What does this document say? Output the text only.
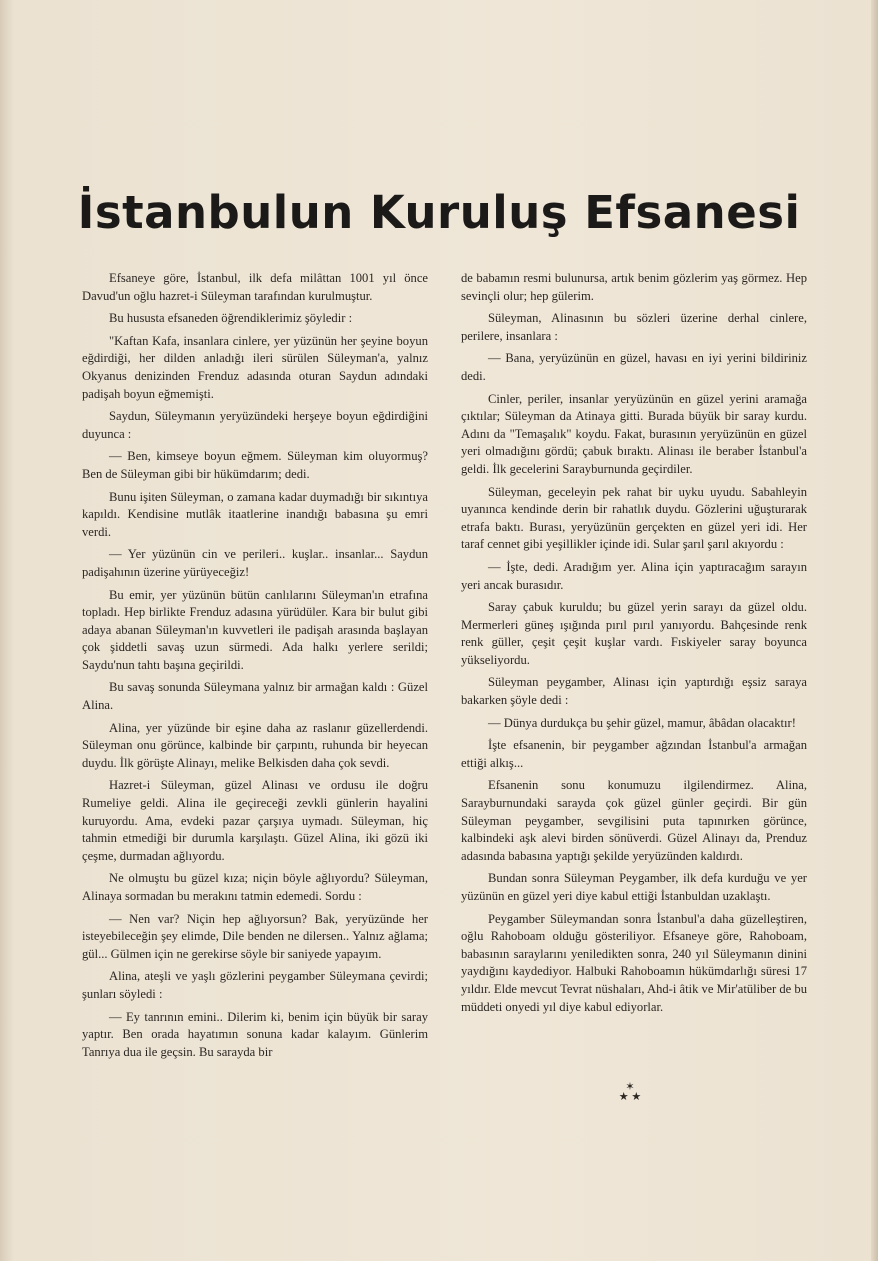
İstanbulun Kuruluş Efsanesi

Efsaneye göre, İstanbul, ilk defa milâttan 1001 yıl önce Davud'un oğlu hazret-i Süleyman tarafından kurulmuştur.

Bu hususta efsaneden öğrendiklerimiz şöyledir :

"Kaftan Kafa, insanlara cinlere, yer yüzünün her şeyine boyun eğdirdiği, her dilden anladığı ileri sürülen Süleyman'a, yalnız Okyanus denizinden Frenduz adasında oturan Saydun adındaki padişah boyun eğmemişti.

Saydun, Süleymanın yeryüzündeki herşeye boyun eğdirdiğini duyunca :

— Ben, kimseye boyun eğmem. Süleyman kim oluyormuş? Ben de Süleyman gibi bir hükümdarım; dedi.

Bunu işiten Süleyman, o zamana kadar duymadığı bir sıkıntıya kapıldı. Kendisine mutlâk itaatlerine inandığı babasına şu emri verdi.

— Yer yüzünün cin ve perileri.. kuşlar.. insanlar... Saydun padişahının üzerine yürüyeceğiz!

Bu emir, yer yüzünün bütün canlılarını Süleyman'ın etrafına topladı. Hep birlikte Frenduz adasına yürüdüler. Kara bir bulut gibi adaya abanan Süleyman'ın kuvvetleri ile padişah arasında başlayan çok şiddetli savaş uzun sürmedi. Ada halkı yerlere serildi; Saydu'nun tahtı başına geçirildi.

Bu savaş sonunda Süleymana yalnız bir armağan kaldı : Güzel Alina.

Alina, yer yüzünde bir eşine daha az raslanır güzellerdendi. Süleyman onu görünce, kalbinde bir çarpıntı, ruhunda bir heyecan duydu. İlk görüşte Alinayı, melike Belkisden daha çok sevdi.

Hazret-i Süleyman, güzel Alinası ve ordusu ile doğru Rumeliye geldi. Alina ile geçireceği zevkli günlerin hayalini kuruyordu. Ama, evdeki pazar çarşıya uymadı. Süleyman, hiç tahmin etmediği bir durumla karşılaştı. Güzel Alina, iki gözü iki çeşme, durmadan ağlıyordu.

Ne olmuştu bu güzel kıza; niçin böyle ağlıyordu? Süleyman, Alinaya sormadan bu merakını tatmin edemedi. Sordu :

— Nen var? Niçin hep ağlıyorsun? Bak, yeryüzünde her isteyebileceğin şey elimde, Dile benden ne dilersen.. Yalnız ağlama; gül... Gülmen için ne gerekirse söyle bir saniyede yapayım.

Alina, ateşli ve yaşlı gözlerini peygamber Süleymana çevirdi; şunları söyledi :

— Ey tanrının emini.. Dilerim ki, benim için büyük bir saray yaptır. Ben orada hayatımın sonuna kadar kalayım. Günlerim Tanrıya dua ile geçsin. Bu sarayda bir

de babamın resmi bulunursa, artık benim gözlerim yaş görmez. Hep sevinçli olur; hep gülerim.

Süleyman, Alinasının bu sözleri üzerine derhal cinlere, perilere, insanlara :

— Bana, yeryüzünün en güzel, havası en iyi yerini bildiriniz dedi.

Cinler, periler, insanlar yeryüzünün en güzel yerini aramağa çıktılar; Süleyman da Atinaya gitti. Burada büyük bir saray kurdu. Adını da "Temaşalık" koydu. Fakat, burasının yeryüzünün en güzel yeri olmadığını gördü; çabuk bıraktı. Alinası ile beraber İstanbul'a geldi. İlk gecelerini Sarayburnunda geçirdiler.

Süleyman, geceleyin pek rahat bir uyku uyudu. Sabahleyin uyanınca kendinde derin bir rahatlık duydu. Gözlerini uğuşturarak etrafa baktı. Burası, yeryüzünün gerçekten en güzel yeri idi. Her taraf cennet gibi yeşillikler içinde idi. Sular şarıl şarıl akıyordu :

— İşte, dedi. Aradığım yer. Alina için yaptıracağım sarayın yeri ancak burasıdır.

Saray çabuk kuruldu; bu güzel yerin sarayı da güzel oldu. Mermerleri güneş ışığında pırıl pırıl yanıyordu. Bahçesinde renk renk güller, çeşit çeşit kuşlar vardı. Fıskiyeler saray boyunca yükseliyordu.

Süleyman peygamber, Alinası için yaptırdığı eşsiz saraya bakarken şöyle dedi :

— Dünya durdukça bu şehir güzel, mamur, âbâdan olacaktır!

İşte efsanenin, bir peygamber ağzından İstanbul'a armağan ettiği alkış...

Efsanenin sonu konumuzu ilgilendirmez. Alina, Sarayburnundaki sarayda çok güzel günler geçirdi. Bir gün Süleyman peygamber, sevgilisini puta tapınırken görünce, kalbindeki aşk alevi birden sönüverdi. Güzel Alinayı da, Prenduz adasında babasına yaptığı şekilde yeryüzünden kaldırdı.

Bundan sonra Süleyman Peygamber, ilk defa kurduğu ve yer yüzünün en güzel yeri diye kabul ettiği İstanbuldan uzaklaştı.

Peygamber Süleymandan sonra İstanbul'a daha güzelleştiren, oğlu Rahoboam olduğu gösteriliyor. Efsaneye göre, Rahoboam, babasının saraylarını yeniledikten sonra, 240 yıl Süleymanın dinini yaydığını kaydediyor. Halbuki Rahoboamın hükümdarlığı süresi 17 yıldır. Elde mevcut Tevrat nüshaları, Ahd-i âtik ve Mir'atüliber de bu müddeti onyedi yıl diye kabul ediyorlar.

✶
★ ★
